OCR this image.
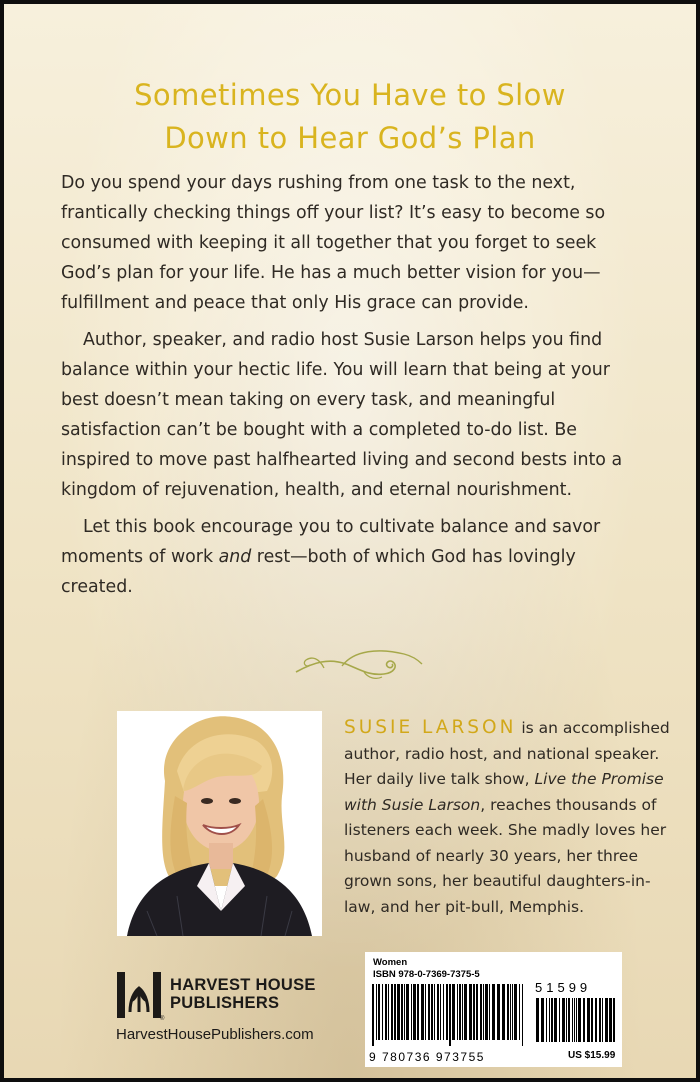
Sometimes You Have to Slow
Down to Hear God’s Plan

Do you spend your days rushing from one task to the next, frantically checking things off your list? It’s easy to become so consumed with keeping it all together that you forget to seek God’s plan for your life. He has a much better vision for you—fulfillment and peace that only His grace can provide.

Author, speaker, and radio host Susie Larson helps you find balance within your hectic life. You will learn that being at your best doesn’t mean taking on every task, and meaningful satisfaction can’t be bought with a completed to-do list. Be inspired to move past halfhearted living and second bests into a kingdom of rejuvenation, health, and eternal nourishment.

Let this book encourage you to cultivate balance and savor moments of work and rest—both of which God has lovingly created.

SUSIE LARSON is an accomplished author, radio host, and national speaker. Her daily live talk show, Live the Promise with Susie Larson, reaches thousands of listeners each week. She madly loves her husband of nearly 30 years, her three grown sons, her beautiful daughters-in-law, and her pit-bull, Memphis.
®
HARVEST HOUSE
PUBLISHERS
HarvestHousePublishers.com
Women
ISBN 978-0-7369-7375-5
9 780736 973755
51599
US $15.99
